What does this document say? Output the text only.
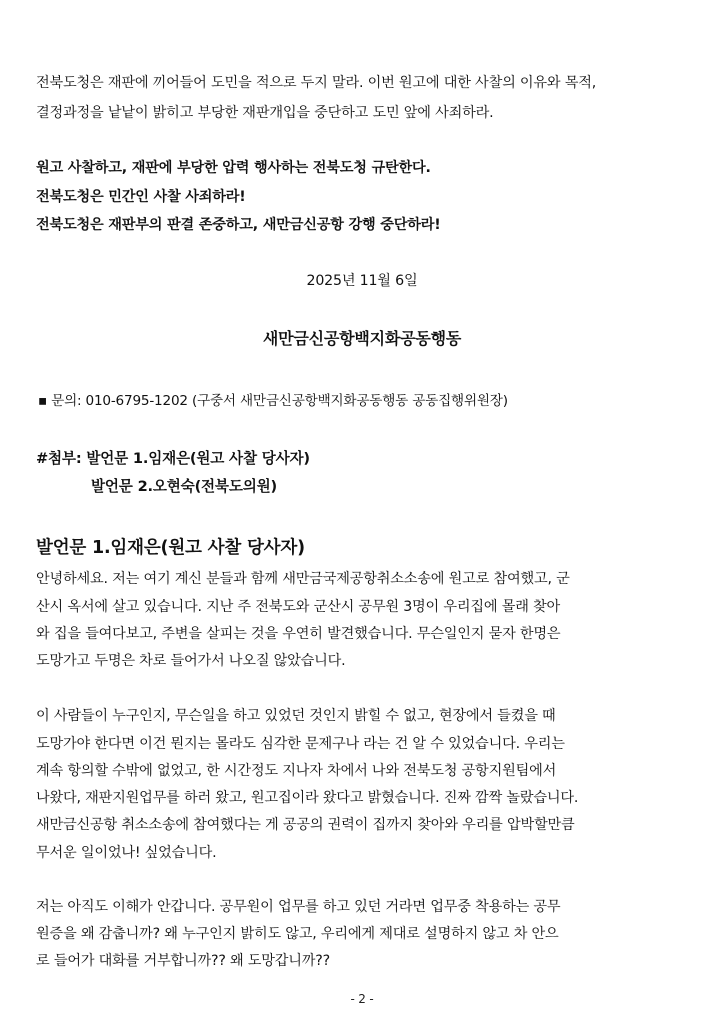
전북도청은 재판에 끼어들어 도민을 적으로 두지 말라. 이번 원고에 대한 사찰의 이유와 목적,
결정과정을 낱낱이 밝히고 부당한 재판개입을 중단하고 도민 앞에 사죄하라.
원고 사찰하고, 재판에 부당한 압력 행사하는 전북도청 규탄한다.
전북도청은 민간인 사찰 사죄하라!
전북도청은 재판부의 판결 존중하고, 새만금신공항 강행 중단하라!
2025년 11월 6일
새만금신공항백지화공동행동
▪ 문의: 010-6795-1202 (구중서 새만금신공항백지화공동행동 공동집행위원장)
#첨부: 발언문 1.임재은(원고 사찰 당사자)
발언문 2.오현숙(전북도의원)
발언문 1.임재은(원고 사찰 당사자)
안녕하세요. 저는 여기 계신 분들과 함께 새만금국제공항취소소송에 원고로 참여했고, 군
산시 옥서에 살고 있습니다. 지난 주 전북도와 군산시 공무원 3명이 우리집에 몰래 찾아
와 집을 들여다보고, 주변을 살피는 것을 우연히 발견했습니다. 무슨일인지 묻자 한명은
도망가고 두명은 차로 들어가서 나오질 않았습니다.
이 사람들이 누구인지, 무슨일을 하고 있었던 것인지 밝힐 수 없고, 현장에서 들켰을 때
도망가야 한다면 이건 뭔지는 몰라도 심각한 문제구나 라는 건 알 수 있었습니다. 우리는
계속 항의할 수밖에 없었고, 한 시간정도 지나자 차에서 나와 전북도청 공항지원팀에서
나왔다, 재판지원업무를 하러 왔고, 원고집이라 왔다고 밝혔습니다. 진짜 깜짝 놀랐습니다.
새만금신공항 취소소송에 참여했다는 게 공공의 권력이 집까지 찾아와 우리를 압박할만큼
무서운 일이었나! 싶었습니다.
저는 아직도 이해가 안갑니다. 공무원이 업무를 하고 있던 거라면 업무중 착용하는 공무
원증을 왜 감춥니까? 왜 누구인지 밝히도 않고, 우리에게 제대로 설명하지 않고 차 안으
로 들어가 대화를 거부합니까?? 왜 도망갑니까??
- 2 -
